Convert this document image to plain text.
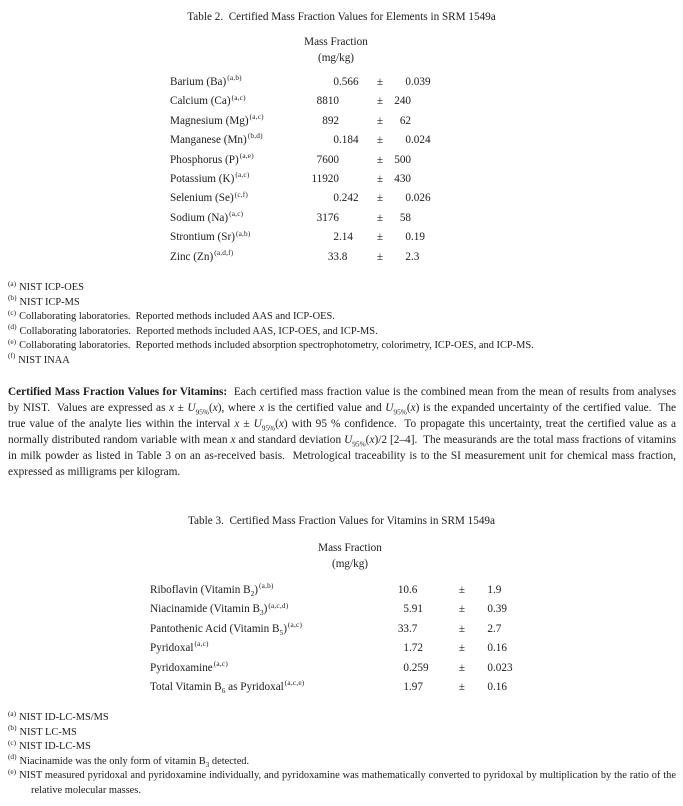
Table 2.  Certified Mass Fraction Values for Elements in SRM 1549a
Mass Fraction
(mg/kg)
Barium $(Ba)^{(a,b)}$	0 .566	±	0 .039
Calcium $(Ca)^{(a,c)}$	8810	± 240
Magnesium $(Mg)^{(a,c)}$	892	±	62
Manganese $(Mn)^{(b,d)}$	0 .184	±	0 .024
Phosphorus $(P)^{(a,e)}$	7600	± 500
Potassium $(K)^{(a,c)}$	11920	± 430
Selenium $(Se)^{(c,f)}$	0 .242	±	0 .026
Sodium $(Na)^{(a,c)}$	3176	±	58
Strontium $(Sr)^{(a,b)}$	2 .14	±	0 .19
Zinc $(Zn)^{(a,d,f)}$	33 .8	±	2 .3
$^{(a)}$ NIST ICP-OES
$^{(b)}$ NIST ICP-MS
$^{(c)}$ Collaborating laboratories.  Reported methods included AAS and ICP-OES.
$^{(d)}$ Collaborating laboratories.  Reported methods included AAS, ICP-OES, and ICP-MS.
$^{(e)}$ Collaborating laboratories.  Reported methods included absorption spectrophotometry, colorimetry, ICP-OES, and ICP-MS.
$^{(f)}$ NIST INAA
Certified Mass Fraction Values for Vitamins:  Each certified mass fraction value is the combined mean from the mean of results from analyses by NIST.  Values are expressed as $x \pm U_{95\%}(x)$, where x is the certified value and $U_{95\%}(x)$ is the expanded uncertainty of the certified value.  The true value of the analyte lies within the interval $x \pm U_{95\%}(x)$ with 95 % confidence.  To propagate this uncertainty, treat the certified value as a normally distributed random variable with mean x and standard deviation $U_{95\%}(x)/2$ [2–4].  The measurands are the total mass fractions of vitamins in milk powder as listed in Table 3 on an as-received basis.  Metrological traceability is to the SI measurement unit for chemical mass fraction, expressed as milligrams per kilogram.
Table 3.  Certified Mass Fraction Values for Vitamins in SRM 1549a
Mass Fraction
(mg/kg)
Riboflavin (Vitamin $B_2)^{(a,b)}$	10 .6	±	1 .9
Niacinamide (Vitamin $B_3)^{(a,c,d)}$	5 .91	±	0 .39
Pantothenic Acid (Vitamin $B_5)^{(a,c)}$	33 .7	±	2 .7
Pyridoxal$^{(a,c)}$	1 .72	±	0 .16
Pyridoxamine$^{(a,c)}$	0 .259	±	0 .023
Total Vitamin $B_6$ as Pyridoxal$^{(a,c,e)}$	1 .97	±	0 .16
$^{(a)}$ NIST ID-LC-MS/MS
$^{(b)}$ NIST LC-MS
$^{(c)}$ NIST ID-LC-MS
$^{(d)}$ Niacinamide was the only form of vitamin $B_3$ detected.
$^{(e)}$ NIST measured pyridoxal and pyridoxamine individually, and pyridoxamine was mathematically converted to pyridoxal by multiplication by the ratio of the relative molecular masses.
